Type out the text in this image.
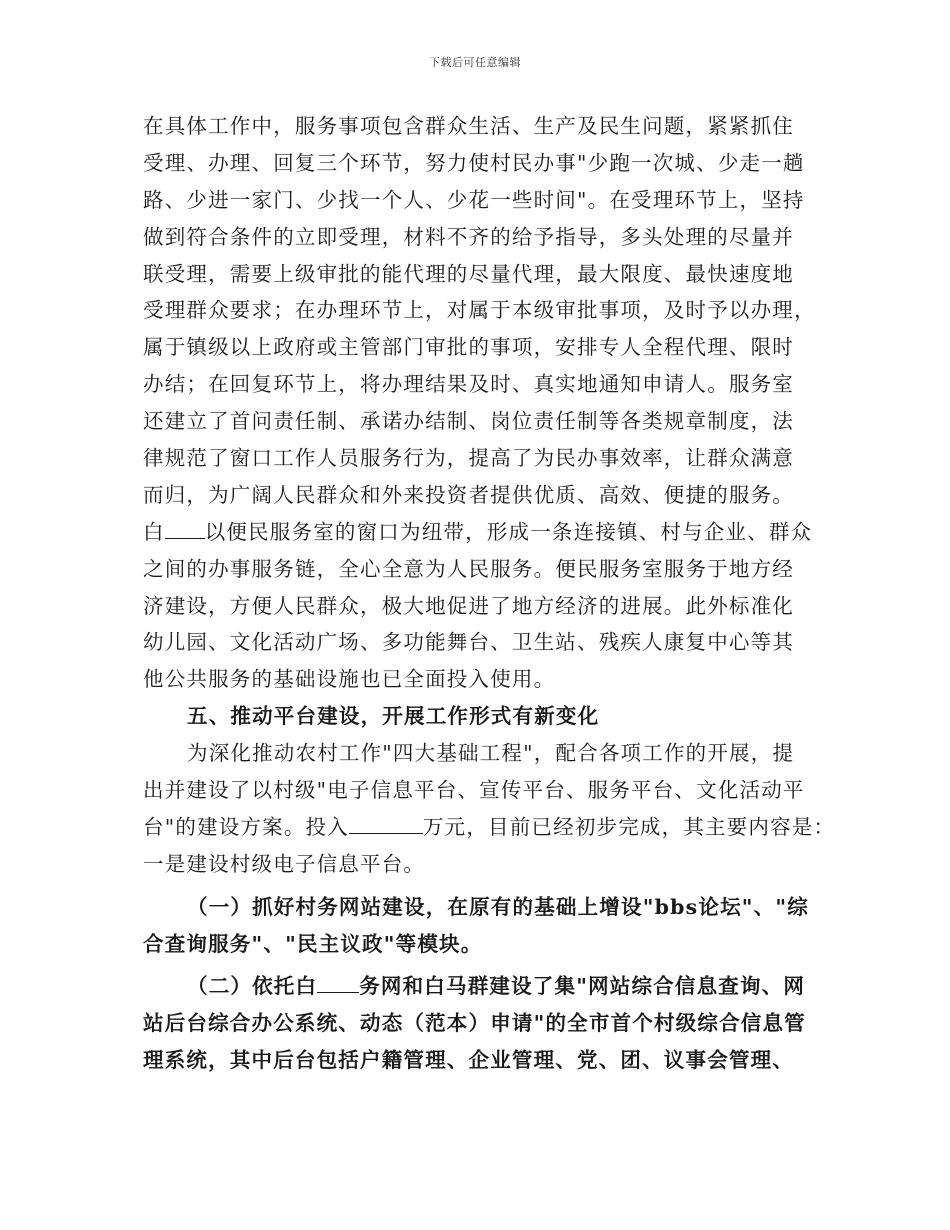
下载后可任意编辑
在具体工作中，服务事项包含群众生活、生产及民生问题，紧紧抓住
受理、办理、回复三个环节，努力使村民办事"少跑一次城、少走一趟
路、少进一家门、少找一个人、少花一些时间"。在受理环节上，坚持
做到符合条件的立即受理，材料不齐的给予指导，多头处理的尽量并
联受理，需要上级审批的能代理的尽量代理，最大限度、最快速度地
受理群众要求；在办理环节上，对属于本级审批事项，及时予以办理，
属于镇级以上政府或主管部门审批的事项，安排专人全程代理、限时
办结；在回复环节上，将办理结果及时、真实地通知申请人。服务室
还建立了首问责任制、承诺办结制、岗位责任制等各类规章制度，法
律规范了窗口工作人员服务行为，提高了为民办事效率，让群众满意
而归，为广阔人民群众和外来投资者提供优质、高效、便捷的服务。
白 以便民服务室的窗口为纽带，形成一条连接镇、村与企业、群众
之间的办事服务链，全心全意为人民服务。便民服务室服务于地方经
济建设，方便人民群众，极大地促进了地方经济的进展。此外标准化
幼儿园、文化活动广场、多功能舞台、卫生站、残疾人康复中心等其
他公共服务的基础设施也已全面投入使用。
五、推动平台建设，开展工作形式有新变化
为深化推动农村工作"四大基础工程"，配合各项工作的开展，提
出并建设了以村级"电子信息平台、宣传平台、服务平台、文化活动平
台"的建设方案。投入	万元，目前已经初步完成，其主要内容是：
一是建设村级电子信息平台。
（一）抓好村务网站建设，在原有的基础上增设"bbs论坛"、"综
合查询服务"、"民主议政"等模块。
（二）依托白 务网和白马群建设了集"网站综合信息查询、网
站后台综合办公系统、动态（范本）申请"的全市首个村级综合信息管
理系统，其中后台包括户籍管理、企业管理、党、团、议事会管理、
